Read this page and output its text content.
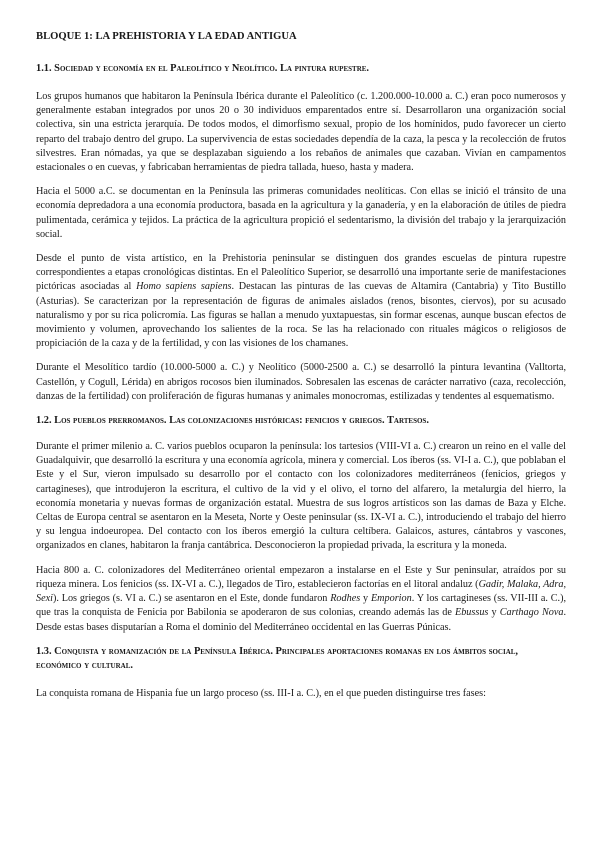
BLOQUE 1: LA PREHISTORIA Y LA EDAD ANTIGUA
1.1. Sociedad y economía en el Paleolítico y Neolítico. La pintura rupestre.

Los grupos humanos que habitaron la Península Ibérica durante el Paleolítico (c. 1.200.000-10.000 a. C.) eran poco numerosos y generalmente estaban integrados por unos 20 o 30 individuos emparentados entre sí. Desarrollaron una organización social colectiva, sin una estricta jerarquía. De todos modos, el dimorfismo sexual, propio de los homínidos, pudo favorecer un cierto reparto del trabajo dentro del grupo. La supervivencia de estas sociedades dependía de la caza, la pesca y la recolección de frutos silvestres. Eran nómadas, ya que se desplazaban siguiendo a los rebaños de animales que cazaban. Vivían en campamentos estacionales o en cuevas, y fabricaban herramientas de piedra tallada, hueso, hasta y madera.

Hacia el 5000 a.C. se documentan en la Península las primeras comunidades neolíticas. Con ellas se inició el tránsito de una economía depredadora a una economía productora, basada en la agricultura y la ganadería, y en la elaboración de útiles de piedra pulimentada, cerámica y tejidos. La práctica de la agricultura propició el sedentarismo, la división del trabajo y la jerarquización social.

Desde el punto de vista artístico, en la Prehistoria peninsular se distinguen dos grandes escuelas de pintura rupestre correspondientes a etapas cronológicas distintas. En el Paleolítico Superior, se desarrolló una importante serie de manifestaciones pictóricas asociadas al Homo sapiens sapiens. Destacan las pinturas de las cuevas de Altamira (Cantabria) y Tito Bustillo (Asturias). Se caracterizan por la representación de figuras de animales aislados (renos, bisontes, ciervos), por su acusado naturalismo y por su rica policromía. Las figuras se hallan a menudo yuxtapuestas, sin formar escenas, aunque buscan efectos de movimiento y volumen, aprovechando los salientes de la roca. Se las ha relacionado con rituales mágicos o religiosos de propiciación de la caza y de la fertilidad, y con las visiones de los chamanes.

Durante el Mesolítico tardío (10.000-5000 a. C.) y Neolítico (5000-2500 a. C.) se desarrolló la pintura levantina (Valltorta, Castellón, y Cogull, Lérida) en abrigos rocosos bien iluminados. Sobresalen las escenas de carácter narrativo (caza, recolección, danzas de la fertilidad) con proliferación de figuras humanas y animales monocromas, estilizadas y tendentes al esquematismo.

1.2. Los pueblos prerromanos. Las colonizaciones históricas: fenicios y griegos. Tartesos.

Durante el primer milenio a. C. varios pueblos ocuparon la península: los tartesios (VIII-VI a. C.) crearon un reino en el valle del Guadalquivir, que desarrolló la escritura y una economía agrícola, minera y comercial. Los íberos (ss. VI-I a. C.), que poblaban el Este y el Sur, vieron impulsado su desarrollo por el contacto con los colonizadores mediterráneos (fenicios, griegos y cartagineses), que introdujeron la escritura, el cultivo de la vid y el olivo, el torno del alfarero, la metalurgia del hierro, la economía monetaria y nuevas formas de organización estatal. Muestra de sus logros artísticos son las damas de Baza y Elche. Celtas de Europa central se asentaron en la Meseta, Norte y Oeste peninsular (ss. IX-VI a. C.), introduciendo el trabajo del hierro y su lengua indoeuropea. Del contacto con los íberos emergió la cultura celtíbera. Galaicos, astures, cántabros y vascones, organizados en clanes, habitaron la franja cantábrica. Desconocieron la propiedad privada, la escritura y la moneda.

Hacia 800 a. C. colonizadores del Mediterráneo oriental empezaron a instalarse en el Este y Sur peninsular, atraídos por su riqueza minera. Los fenicios (ss. IX-VI a. C.), llegados de Tiro, establecieron factorías en el litoral andaluz (Gadir, Malaka, Adra, Sexi). Los griegos (s. VI a. C.) se asentaron en el Este, donde fundaron Rodhes y Emporion. Y los cartagineses (ss. VII-III a. C.), que tras la conquista de Fenicia por Babilonia se apoderaron de sus colonias, creando además las de Ebussus y Carthago Nova. Desde estas bases disputarían a Roma el dominio del Mediterráneo occidental en las Guerras Púnicas.

1.3. Conquista y romanización de la Península Ibérica. Principales aportaciones romanas en los ámbitos social, económico y cultural.

La conquista romana de Hispania fue un largo proceso (ss. III-I a. C.), en el que pueden distinguirse tres fases:
